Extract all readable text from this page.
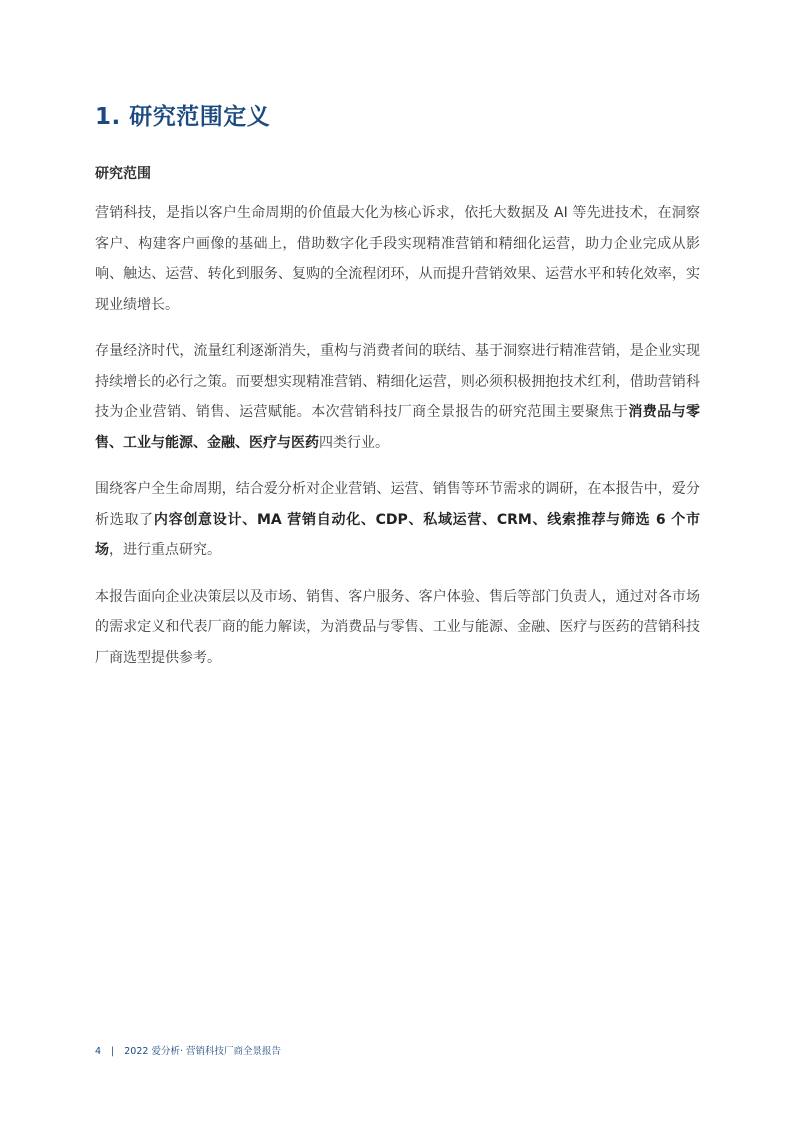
1. 研究范围定义
研究范围

营销科技，是指以客户生命周期的价值最大化为核心诉求，依托大数据及 AI 等先进技术，在洞察客户、构建客户画像的基础上，借助数字化手段实现精准营销和精细化运营，助力企业完成从影响、触达、运营、转化到服务、复购的全流程闭环，从而提升营销效果、运营水平和转化效率，实现业绩增长。

存量经济时代，流量红利逐渐消失，重构与消费者间的联结、基于洞察进行精准营销，是企业实现持续增长的必行之策。而要想实现精准营销、精细化运营，则必须积极拥抱技术红利，借助营销科技为企业营销、销售、运营赋能。本次营销科技厂商全景报告的研究范围主要聚焦于消费品与零售、工业与能源、金融、医疗与医药四类行业。

围绕客户全生命周期，结合爱分析对企业营销、运营、销售等环节需求的调研，在本报告中，爱分析选取了内容创意设计、MA 营销自动化、CDP、私域运营、CRM、线索推荐与筛选 6 个市场，进行重点研究。

本报告面向企业决策层以及市场、销售、客户服务、客户体验、售后等部门负责人，通过对各市场的需求定义和代表厂商的能力解读，为消费品与零售、工业与能源、金融、医疗与医药的营销科技厂商选型提供参考。

4 | 2022 爱分析· 营销科技厂商全景报告
